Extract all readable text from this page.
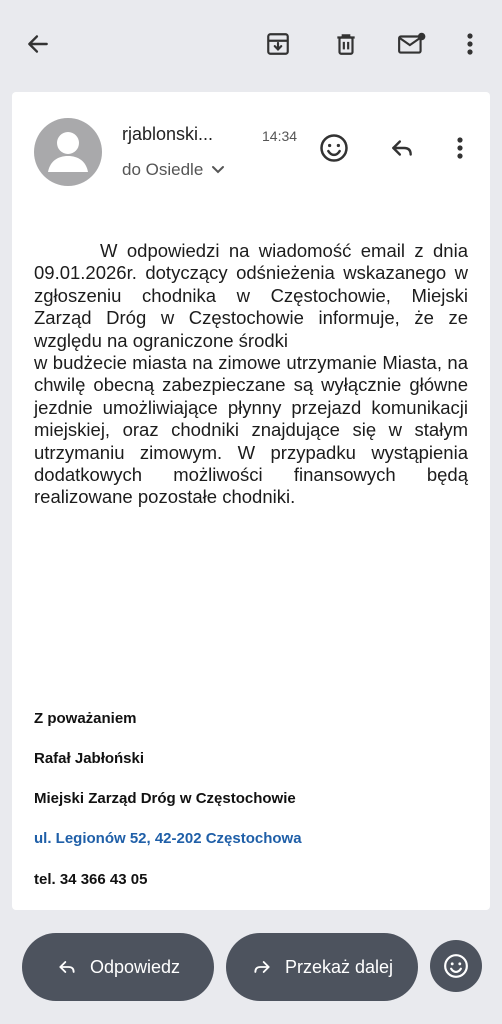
rjablonski...	14:34
do Osiedle

W odpowiedzi na wiadomość email z dnia 09.01.2026r. dotyczący odśnieżenia wskazanego w zgłoszeniu chodnika w Częstochowie, Miejski Zarząd Dróg w Częstochowie informuje, że ze względu na ograniczone środki

w budżecie miasta na zimowe utrzymanie Miasta, na chwilę obecną zabezpieczane są wyłącznie główne jezdnie umożliwiające płynny przejazd komunikacji miejskiej, oraz chodniki znajdujące się w stałym utrzymaniu zimowym. W przypadku wystąpienia dodatkowych możliwości finansowych będą realizowane pozostałe chodniki.

Z poważaniem
Rafał Jabłoński
Miejski Zarząd Dróg w Częstochowie
ul. Legionów 52, 42-202 Częstochowa
tel. 34 366 43 05
Odpowiedz	Przekaż dalej
